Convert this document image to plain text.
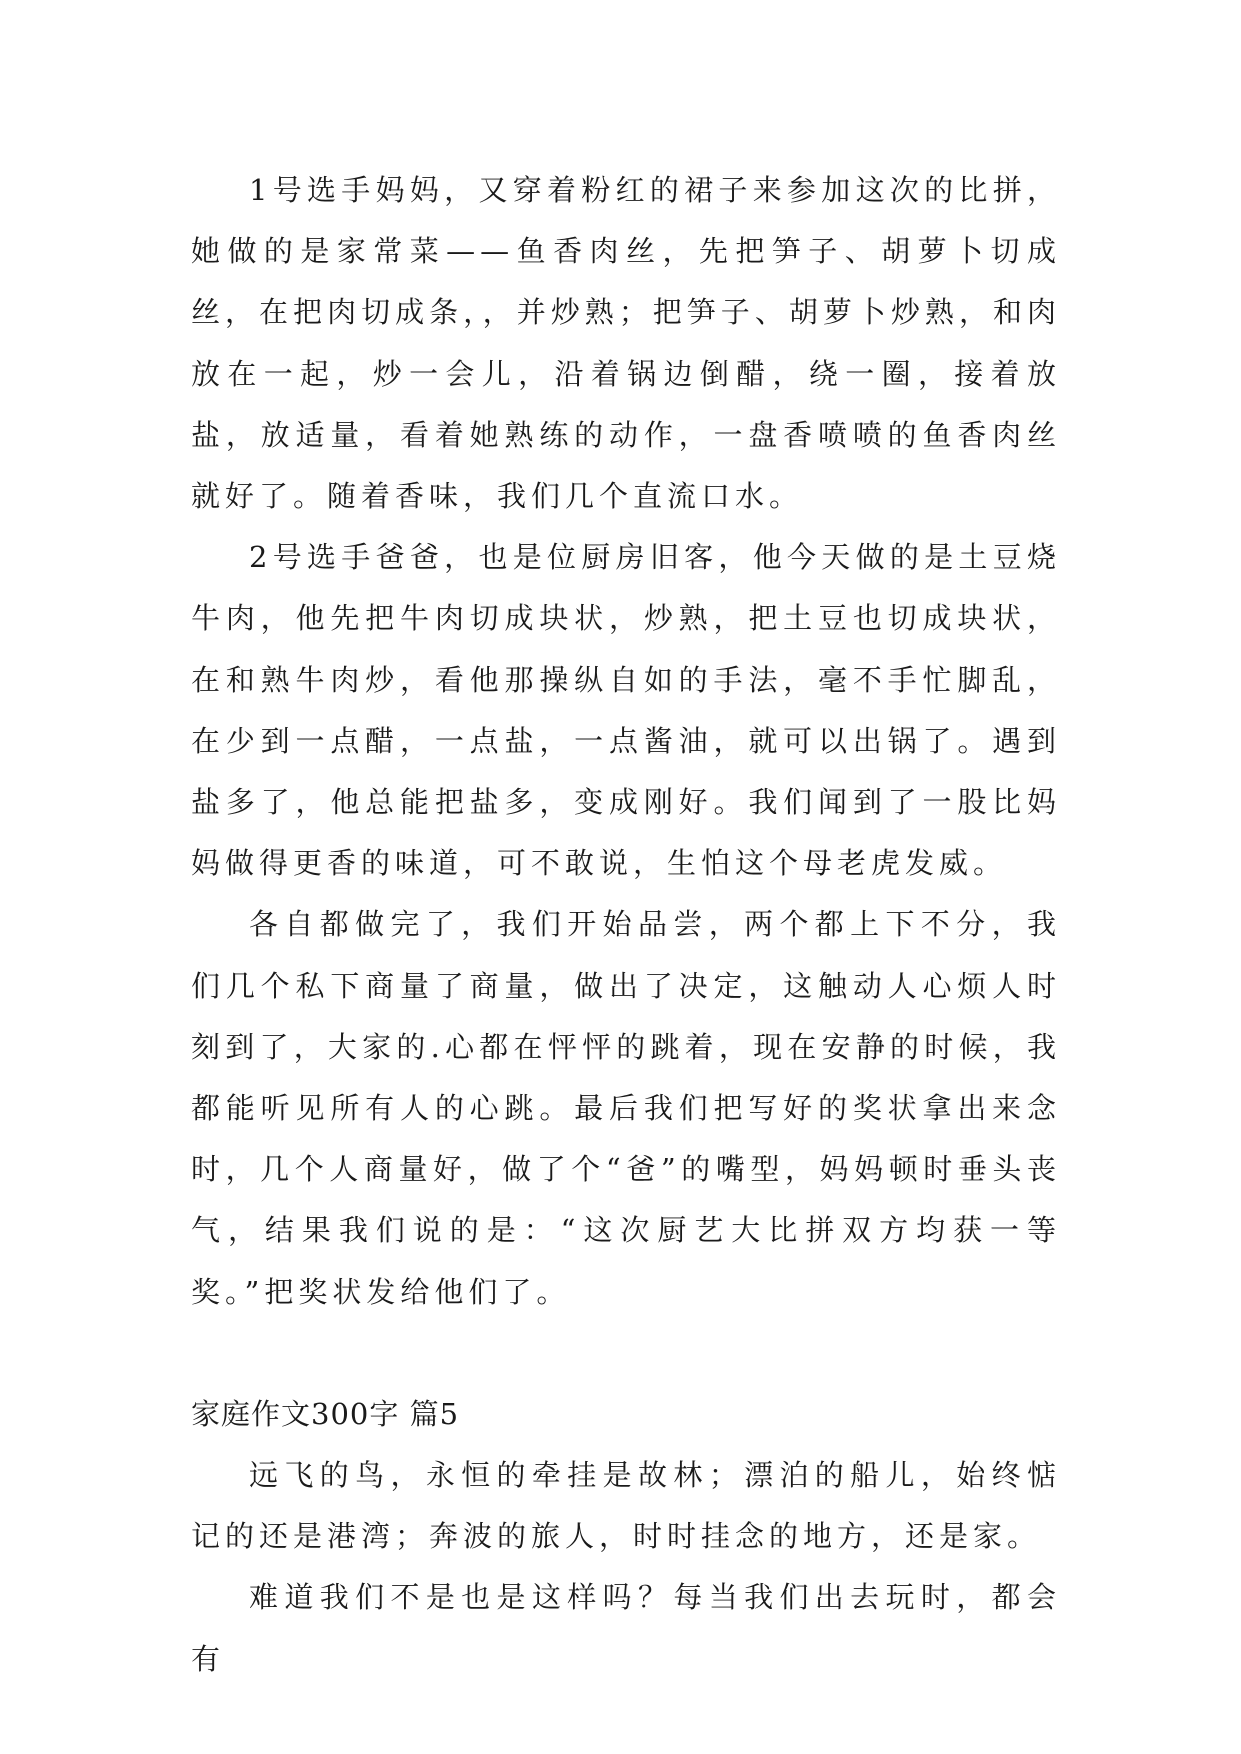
1号选手妈妈，又穿着粉红的裙子来参加这次的比拼，她做的是家常菜——鱼香肉丝，先把笋子、胡萝卜切成丝，在把肉切成条，，并炒熟；把笋子、胡萝卜炒熟，和肉放在一起，炒一会儿，沿着锅边倒醋，绕一圈，接着放盐，放适量，看着她熟练的动作，一盘香喷喷的鱼香肉丝就好了。随着香味，我们几个直流口水。

2号选手爸爸，也是位厨房旧客，他今天做的是土豆烧牛肉，他先把牛肉切成块状，炒熟，把土豆也切成块状，在和熟牛肉炒，看他那操纵自如的手法，毫不手忙脚乱，在少到一点醋，一点盐，一点酱油，就可以出锅了。遇到盐多了，他总能把盐多，变成刚好。我们闻到了一股比妈妈做得更香的味道，可不敢说，生怕这个母老虎发威。

各自都做完了，我们开始品尝，两个都上下不分，我们几个私下商量了商量，做出了决定，这触动人心烦人时刻到了，大家的.心都在怦怦的跳着，现在安静的时候，我都能听见所有人的心跳。最后我们把写好的奖状拿出来念时，几个人商量好，做了个“爸”的嘴型，妈妈顿时垂头丧气，结果我们说的是：“这次厨艺大比拼双方均获一等奖。”把奖状发给他们了。

家庭作文300字 篇5

远飞的鸟，永恒的牵挂是故林；漂泊的船儿，始终惦记的还是港湾；奔波的旅人，时时挂念的地方，还是家。

难道我们不是也是这样吗？每当我们出去玩时，都会有
